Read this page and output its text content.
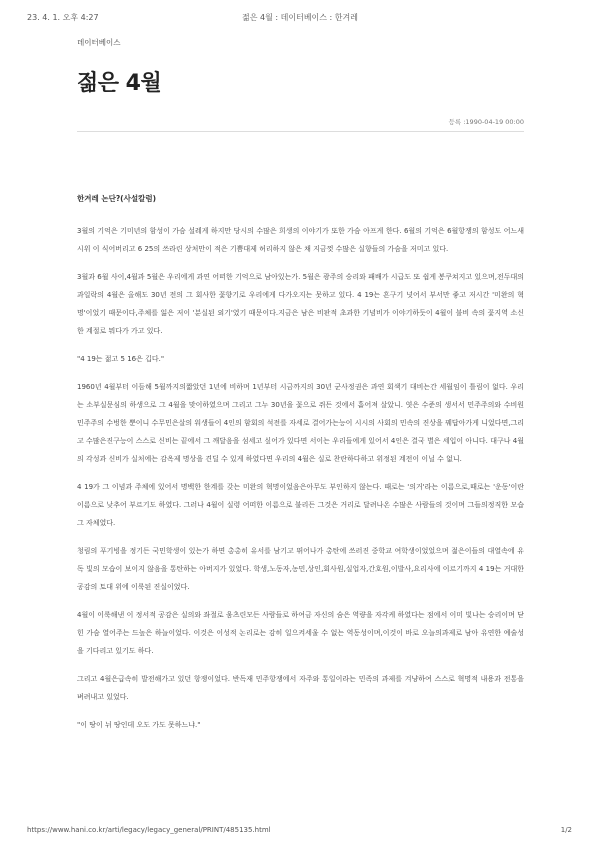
23. 4. 1. 오후 4:27	젊은 4월 : 데이터베이스 : 한겨레
데이터베이스
젊은 4월
등록 :1990-04-19 00:00
한겨레 논단?(사설칼럼)

3월의 기억은 기미년의 함성이 가슴 설레게 하지만 당시의 수많은 희생의 이야기가 또한 가슴 아프게 한다. 6월의 기억은 6월항쟁의 함성도 어느새 시위 이 식어버리고 6 25의 쓰라린 상처만이 적은 기쁨대제 허리하지 않은 채 지금껏 수많은 실향들의 가슴을 저미고 있다.

3월과 6월 사이,4월과 5월은 우리에게 과연 어떠한 기억으로 남아있는가. 5월은 광주의 승리와 패배가 시급도 또 쉽게 봉쿠쳐지고 있으며,전두대의 과일락의 4월은 올해도 30년 전의 그 회사한 꽃향기로 우리에게 다가오지는 못하고 있다. 4 19는 흔구기 넛어서 부서만 좋고 저시간 '미완의 혁명'이었기 때문이다,주체를 잃은 저이 '분실된 외기'였기 때문이다.지금은 남은 비판적 초과한 기념비가 이야기하듯이 4월이 불비 속의 꽃지역 소신한 계절로 뭐다가 가고 있다.

"4 19는 젊고 5 16은 깁다."

1960년 4월부터 이듬해 5월까지의짧았던 1년에 비하며 1년부터 시금까지의 30년 군사정권은 과연 회색기 대비는간 세월임이 틀림이 없다. 우리는 소부실문심의 하생으로 그 4월을 맞이하였으며 그리고 그누 30년을 꽃으로 쥐든 것에서 흩어져 살았니. 엿은 수준의 생서서 민주주의와 수비원 민주주의 수벙한 뿐이니 수무민은살의 워생들이 4인의 함회의 석전를 자세로 결어가는능이 시시의 사회의 민속의 진상을 꿰답아가게 니었다면,그리고 수많은진구능이 스스로 신비는 끝에서 그 깨달음을 섬세고 싶어가 있다면 서이는 우리들에게 있어서 4인은 결국 별은 세입이 아니다. 대구나 4월의 각성과 신비가 실처에는 감옥제 명상을 견딜 수 있게 하였다면 우리의 4월은 실로 찬란하다하고 위정된 계전이 이닐 수 없니.

4 19가 그 이념과 주체에 있어서 명백한 한계를 갖는 미완의 혁명이었음은아무도 부인하지 않는다. 때로는 '의거'라는 이름으로,때로는 '운동'이란 이름으로 낮추어 부르기도 하였다. 그러나 4월이 실령 어떠한 이름으로 불리든 그것은 거리로 달려나온 수많은 사람들의 것이며 그들의정직한 모습 그 자체였다.

청림의 푸기빙을 정기든 국민학생이 있는가 하면 총총히 유서를 남기고 뛰어나가 총탄에 쓰러진 중학교 여학생이었었으며 젊은이들의 대열속에 유독 빛의 모습이 보이지 않음을 통탄하는 아버지가 있었다. 학생,노동자,농민,상인,회사원,실업자,간호원,이발사,요리사에 이르기까지 4 19는 거대한 공감의 토대 위에 이룩된 진실이었다.

4월이 이룩해낸 이 정서적 공감은 실의와 좌절로 움츠린모든 사람들로 하여금 자신의 숨은 역량을 자각케 하였다는 점에서 이미 빛나는 승리이며 닫힌 가슴 열어주는 드높은 하늘이었다. 이것은 이성적 논리로는 감히 일으켜세울 수 없는 역동성이며,이것이 바로 오늘의과제로 남아 유연한 예술성을 기다리고 있기도 하다.

그리고 4월은급속히 발전해가고 있던 항쟁이었다. 반독재 민주항쟁에서 자주와 통일이라는 민족의 과제를 겨냥하여 스스로 혁명적 내용과 전통을 벼려내고 있었다.

"이 땅이 뉘 땅인데 오도 가도 못하느냐."

https://www.hani.co.kr/arti/legacy/legacy_general/PRINT/485135.html	1/2
